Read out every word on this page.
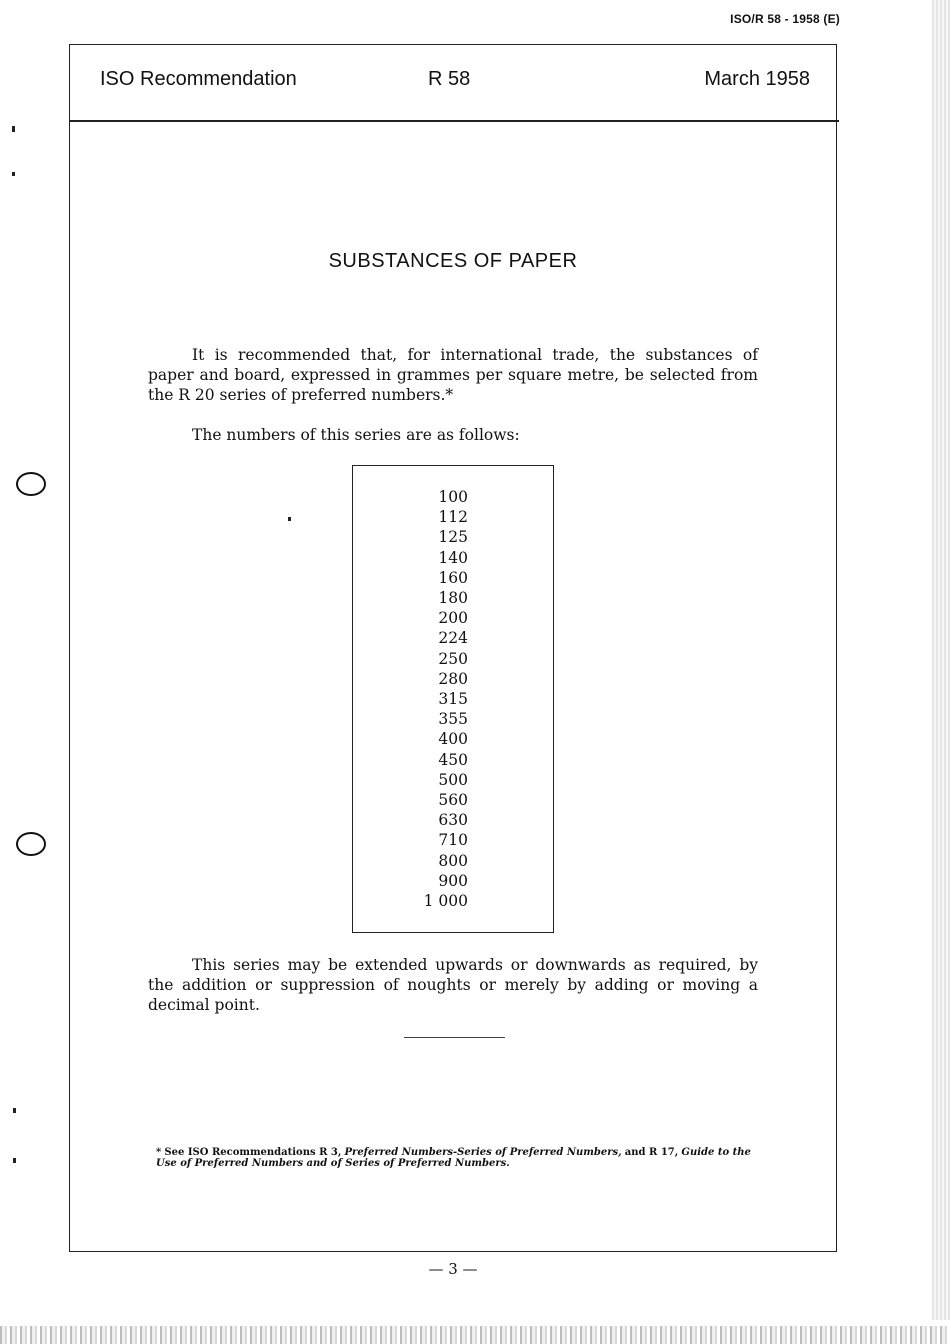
ISO/R 58 - 1958 (E)
ISO Recommendation	R 58	March 1958
SUBSTANCES OF PAPER

It is recommended that, for international trade, the substances of paper and board, expressed in grammes per square metre, be selected from the R 20 series of preferred numbers.*

The numbers of this series are as follows:

100
112
125
140
160
180
200
224
250
280
315
355
400
450
500
560
630
710
800
900
1 000

This series may be extended upwards or downwards as required, by the addition or suppression of noughts or merely by adding or moving a decimal point.

* See ISO Recommendations R 3, Preferred Numbers-Series of Preferred Numbers, and R 17, Guide to the Use of Preferred Numbers and of Series of Preferred Numbers.

— 3 —
